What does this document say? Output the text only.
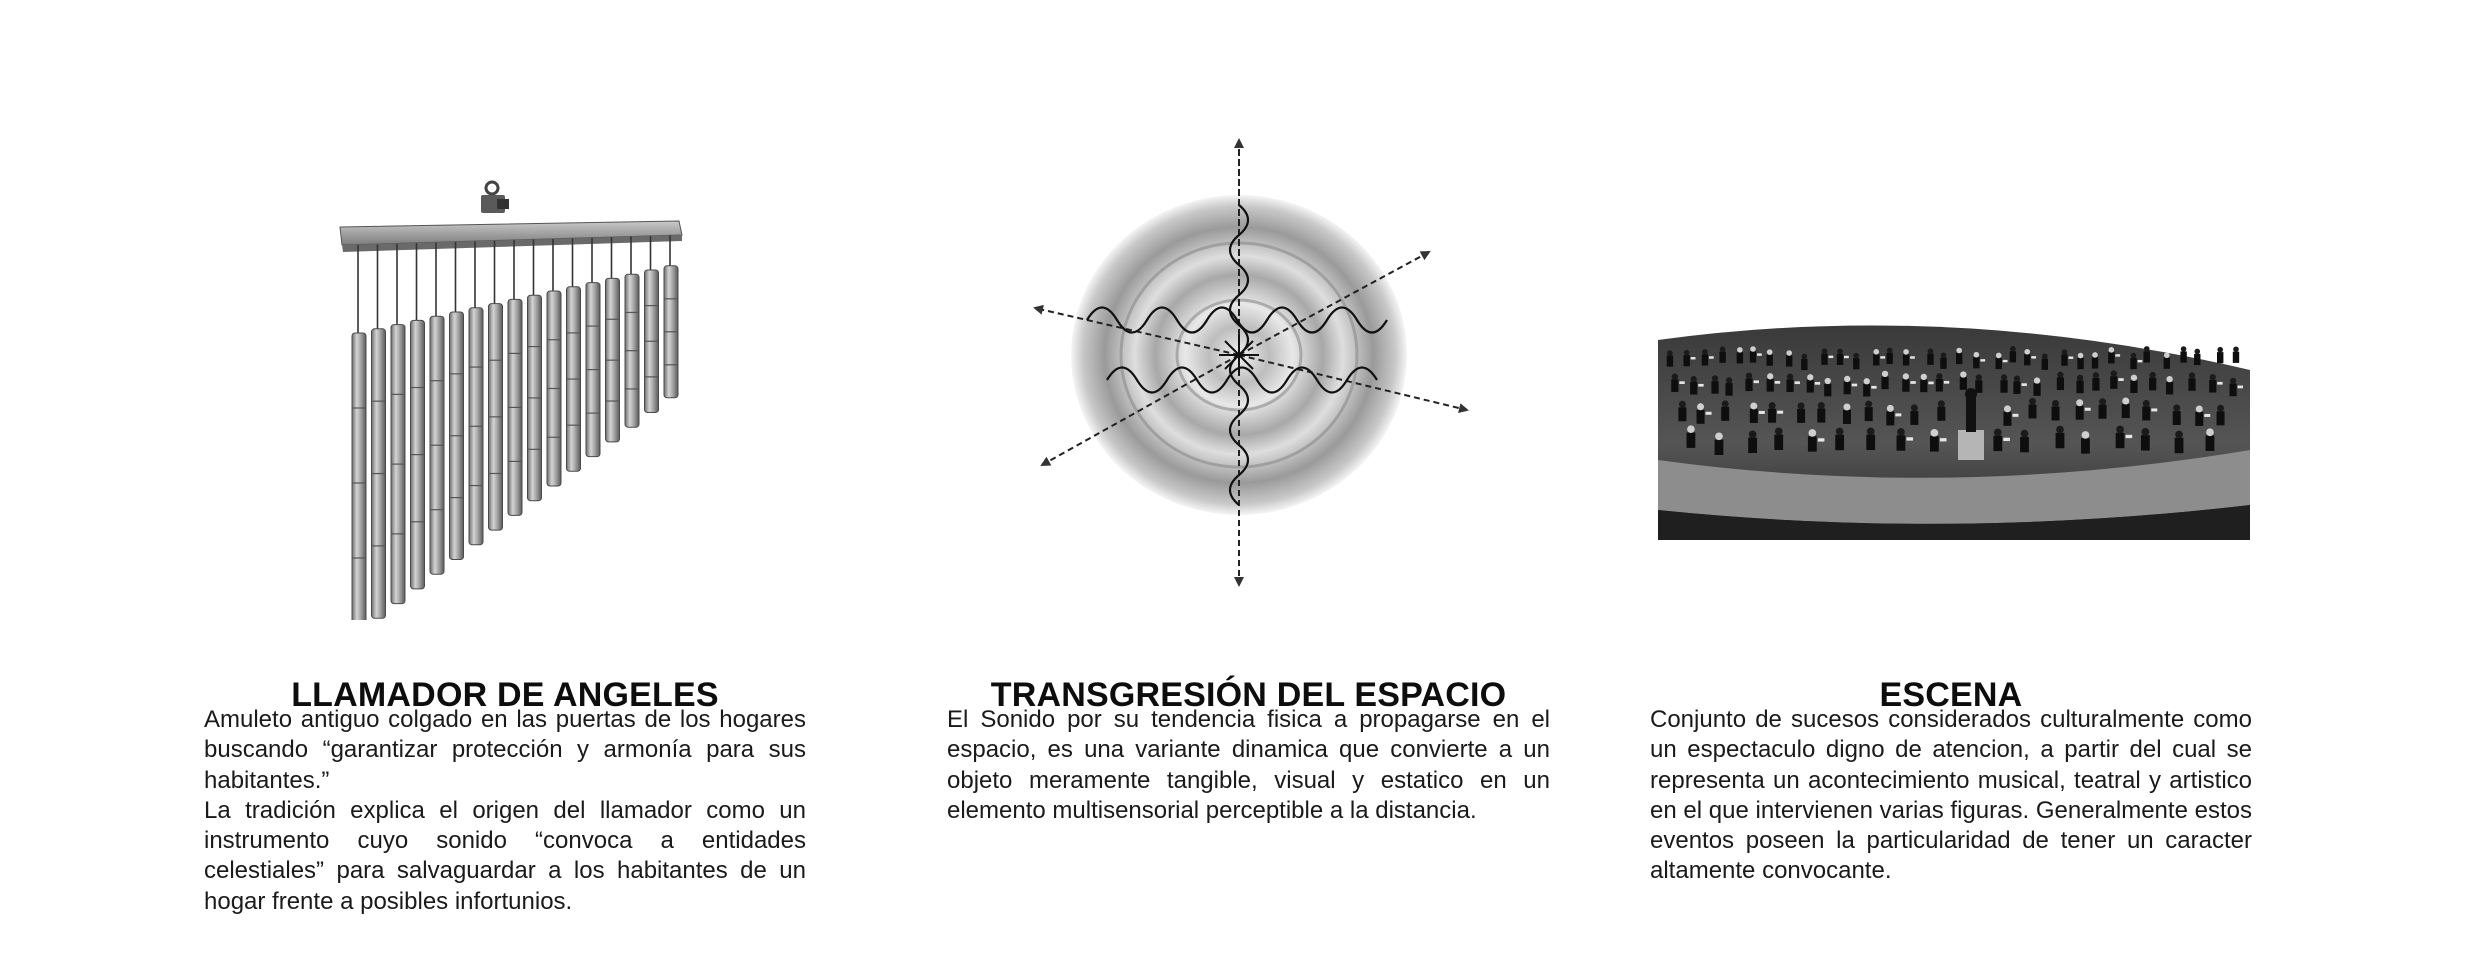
LLAMADOR DE ANGELES

Amuleto antiguo colgado en las puertas de los hogares buscando “garantizar protección y armonía para sus habitantes.”

La tradición explica el origen del llamador como un instrumento cuyo sonido “convoca a entidades celestiales” para salvaguardar a los habitantes de un hogar frente a posibles infortunios.

TRANSGRESIÓN DEL ESPACIO

El Sonido por su tendencia fisica a propagarse en el espacio, es una variante dinamica que convierte a un objeto meramente tangible, visual y estatico en un elemento multisensorial perceptible a la distancia.

ESCENA

Conjunto de sucesos considerados culturalmente como un espectaculo digno de atencion, a partir del cual se representa un acontecimiento musical, teatral y artistico en el que intervienen varias figuras. Generalmente estos eventos poseen la particularidad de tener un caracter altamente convocante.
